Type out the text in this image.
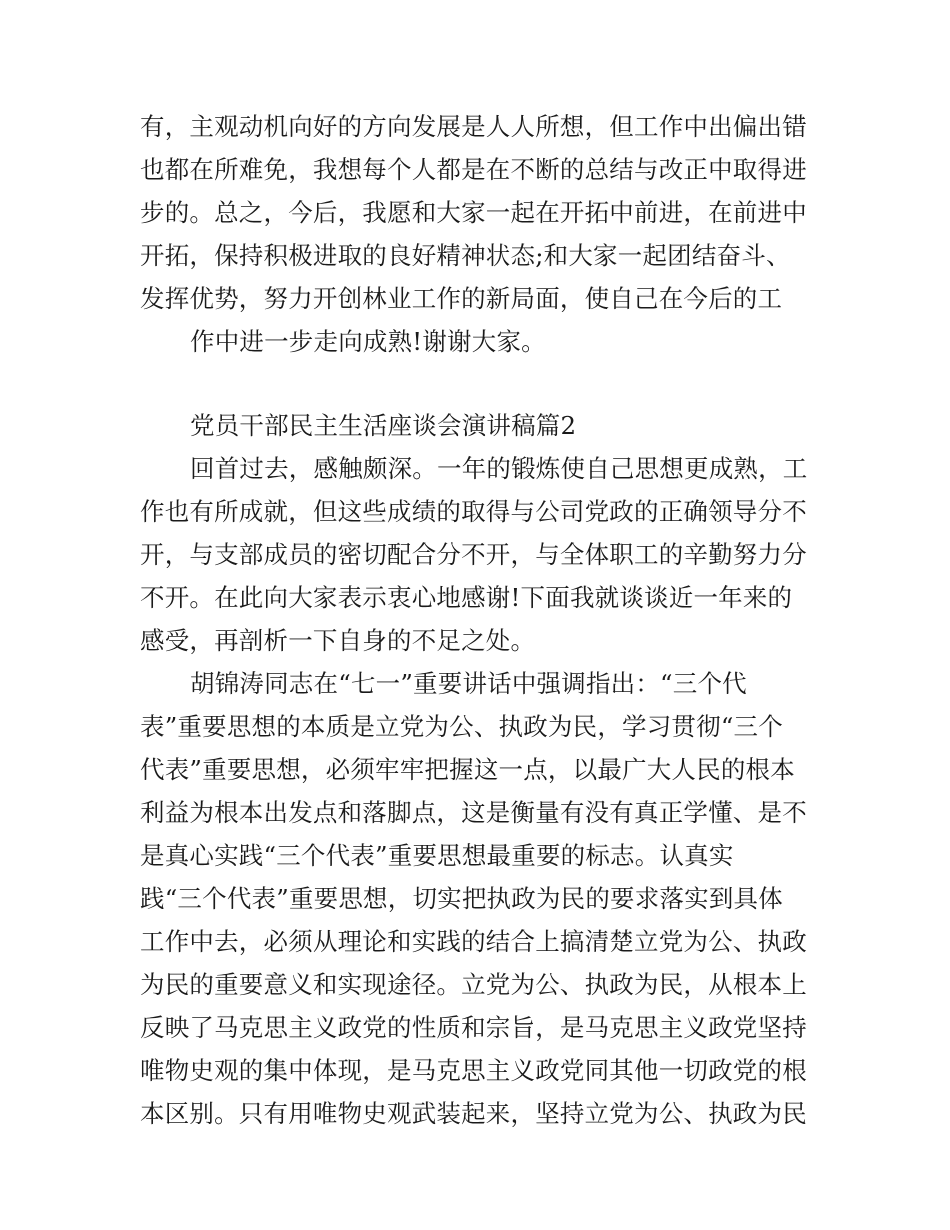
有，主观动机向好的方向发展是人人所想，但工作中出偏出错
也都在所难免，我想每个人都是在不断的总结与改正中取得进
步的。总之，今后，我愿和大家一起在开拓中前进，在前进中
开拓，保持积极进取的良好精神状态;和大家一起团结奋斗、
发挥优势，努力开创林业工作的新局面，使自己在今后的工
作中进一步走向成熟!谢谢大家。
党员干部民主生活座谈会演讲稿篇2
回首过去，感触颇深。一年的锻炼使自己思想更成熟，工
作也有所成就，但这些成绩的取得与公司党政的正确领导分不
开，与支部成员的密切配合分不开，与全体职工的辛勤努力分
不开。在此向大家表示衷心地感谢!下面我就谈谈近一年来的
感受，再剖析一下自身的不足之处。
胡锦涛同志在“七一”重要讲话中强调指出：“三个代
表”重要思想的本质是立党为公、执政为民，学习贯彻“三个
代表”重要思想，必须牢牢把握这一点，以最广大人民的根本
利益为根本出发点和落脚点，这是衡量有没有真正学懂、是不
是真心实践“三个代表”重要思想最重要的标志。认真实
践“三个代表”重要思想，切实把执政为民的要求落实到具体
工作中去，必须从理论和实践的结合上搞清楚立党为公、执政
为民的重要意义和实现途径。立党为公、执政为民，从根本上
反映了马克思主义政党的性质和宗旨，是马克思主义政党坚持
唯物史观的集中体现，是马克思主义政党同其他一切政党的根
本区别。只有用唯物史观武装起来，坚持立党为公、执政为民
